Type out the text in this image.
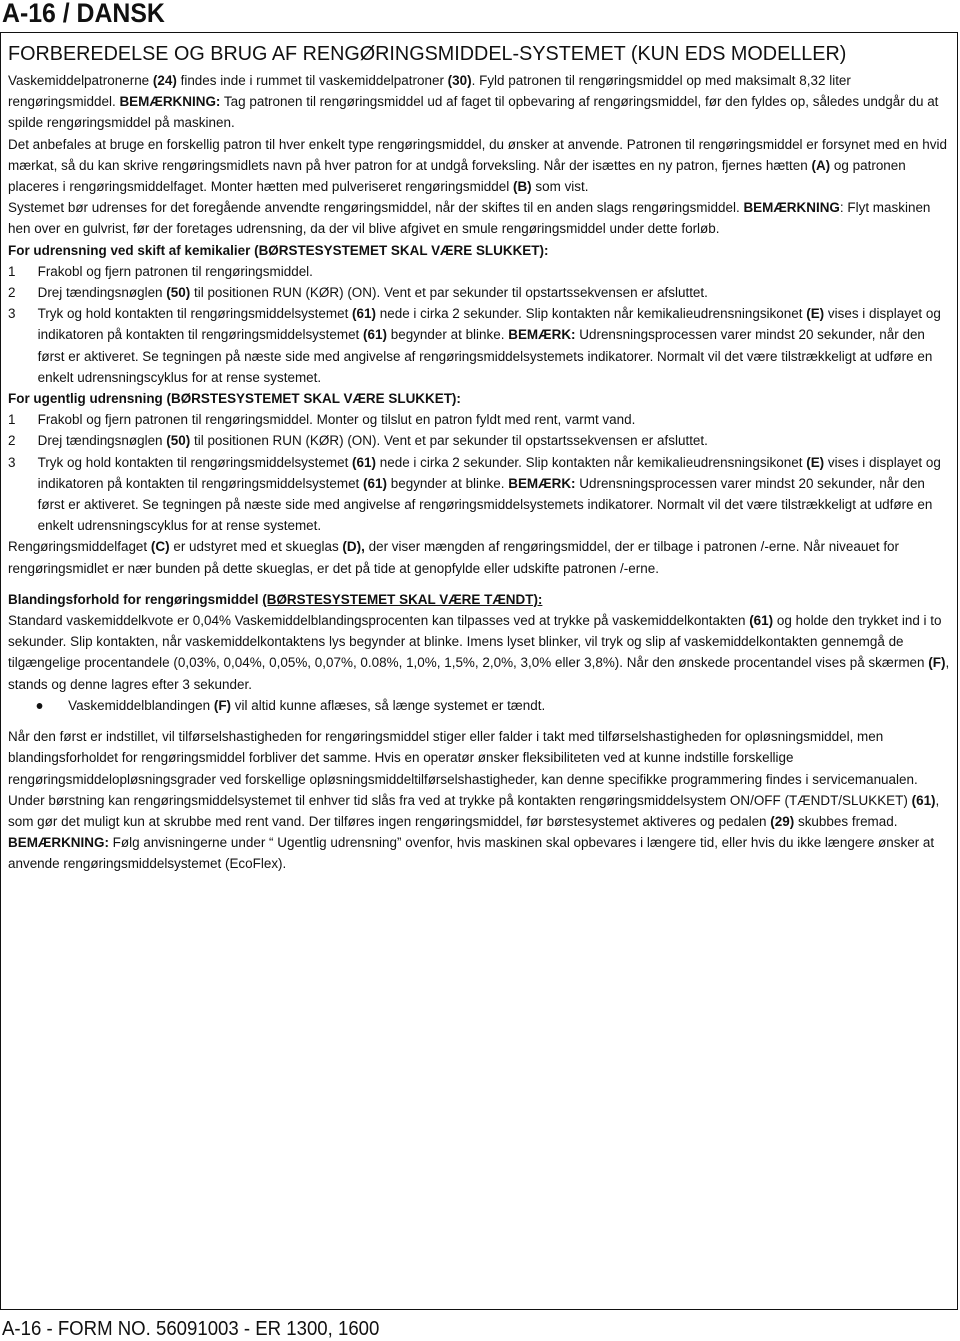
A-16 / DANSK
FORBEREDELSE OG BRUG AF RENGØRINGSMIDDEL-SYSTEMET (KUN EDS MODELLER)

Vaskemiddelpatronerne (24) findes inde i rummet til vaskemiddelpatroner (30). Fyld patronen til rengøringsmiddel op med maksimalt 8,32 liter rengøringsmiddel. BEMÆRKNING: Tag patronen til rengøringsmiddel ud af faget til opbevaring af rengøringsmiddel, før den fyldes op, således undgår du at spilde rengøringsmiddel på maskinen.

Det anbefales at bruge en forskellig patron til hver enkelt type rengøringsmiddel, du ønsker at anvende. Patronen til rengøringsmiddel er forsynet med en hvid mærkat, så du kan skrive rengøringsmidlets navn på hver patron for at undgå forveksling. Når der isættes en ny patron, fjernes hætten (A) og patronen placeres i rengøringsmiddelfaget. Monter hætten med pulveriseret rengøringsmiddel (B) som vist.

Systemet bør udrenses for det foregående anvendte rengøringsmiddel, når der skiftes til en anden slags rengøringsmiddel. BEMÆRKNING: Flyt maskinen hen over en gulvrist, før der foretages udrensning, da der vil blive afgivet en smule rengøringsmiddel under dette forløb.

For udrensning ved skift af kemikalier (BØRSTESYSTEMET SKAL VÆRE SLUKKET):
1 Frakobl og fjern patronen til rengøringsmiddel.
2 Drej tændingsnøglen (50) til positionen RUN (KØR) (ON). Vent et par sekunder til opstartssekvensen er afsluttet.
3 Tryk og hold kontakten til rengøringsmiddelsystemet (61) nede i cirka 2 sekunder. Slip kontakten når kemikalieudrensningsikonet (E) vises i displayet og indikatoren på kontakten til rengøringsmiddelsystemet (61) begynder at blinke. BEMÆRK: Udrensningsprocessen varer mindst 20 sekunder, når den først er aktiveret. Se tegningen på næste side med angivelse af rengøringsmiddelsystemets indikatorer. Normalt vil det være tilstrækkeligt at udføre en enkelt udrensningscyklus for at rense systemet.
For ugentlig udrensning (BØRSTESYSTEMET SKAL VÆRE SLUKKET):
1 Frakobl og fjern patronen til rengøringsmiddel. Monter og tilslut en patron fyldt med rent, varmt vand.
2 Drej tændingsnøglen (50) til positionen RUN (KØR) (ON). Vent et par sekunder til opstartssekvensen er afsluttet.
3 Tryk og hold kontakten til rengøringsmiddelsystemet (61) nede i cirka 2 sekunder. Slip kontakten når kemikalieudrensningsikonet (E) vises i displayet og indikatoren på kontakten til rengøringsmiddelsystemet (61) begynder at blinke. BEMÆRK: Udrensningsprocessen varer mindst 20 sekunder, når den først er aktiveret. Se tegningen på næste side med angivelse af rengøringsmiddelsystemets indikatorer. Normalt vil det være tilstrækkeligt at udføre en enkelt udrensningscyklus for at rense systemet.

Rengøringsmiddelfaget (C) er udstyret med et skueglas (D), der viser mængden af rengøringsmiddel, der er tilbage i patronen /-erne. Når niveauet for rengøringsmidlet er nær bunden på dette skueglas, er det på tide at genopfylde eller udskifte patronen /-erne.

Blandingsforhold for rengøringsmiddel (BØRSTESYSTEMET SKAL VÆRE TÆNDT):

Standard vaskemiddelkvote er 0,04% Vaskemiddelblandingsprocenten kan tilpasses ved at trykke på vaskemiddelkontakten (61) og holde den trykket ind i to sekunder. Slip kontakten, når vaskemiddelkontaktens lys begynder at blinke. Imens lyset blinker, vil tryk og slip af vaskemiddelkontakten gennemgå de tilgængelige procentandele (0,03%, 0,04%, 0,05%, 0,07%, 0.08%, 1,0%, 1,5%, 2,0%, 3,0% eller 3,8%). Når den ønskede procentandel vises på skærmen (F), stands og denne lagres efter 3 sekunder.

Vaskemiddelblandingen (F) vil altid kunne aflæses, så længe systemet er tændt.

Når den først er indstillet, vil tilførselshastigheden for rengøringsmiddel stiger eller falder i takt med tilførselshastigheden for opløsningsmiddel, men blandingsforholdet for rengøringsmiddel forbliver det samme. Hvis en operatør ønsker fleksibiliteten ved at kunne indstille forskellige rengøringsmiddelopløsningsgrader ved forskellige opløsningsmiddeltilførselshastigheder, kan denne specifikke programmering findes i servicemanualen. Under børstning kan rengøringsmiddelsystemet til enhver tid slås fra ved at trykke på kontakten rengøringsmiddelsystem ON/OFF (TÆNDT/SLUKKET) (61), som gør det muligt kun at skrubbe med rent vand. Der tilføres ingen rengøringsmiddel, før børstesystemet aktiveres og pedalen (29) skubbes fremad.

BEMÆRKNING: Følg anvisningerne under “ Ugentlig udrensning” ovenfor, hvis maskinen skal opbevares i længere tid, eller hvis du ikke længere ønsker at anvende rengøringsmiddelsystemet (EcoFlex).

A-16 - FORM NO. 56091003 - ER 1300, 1600
